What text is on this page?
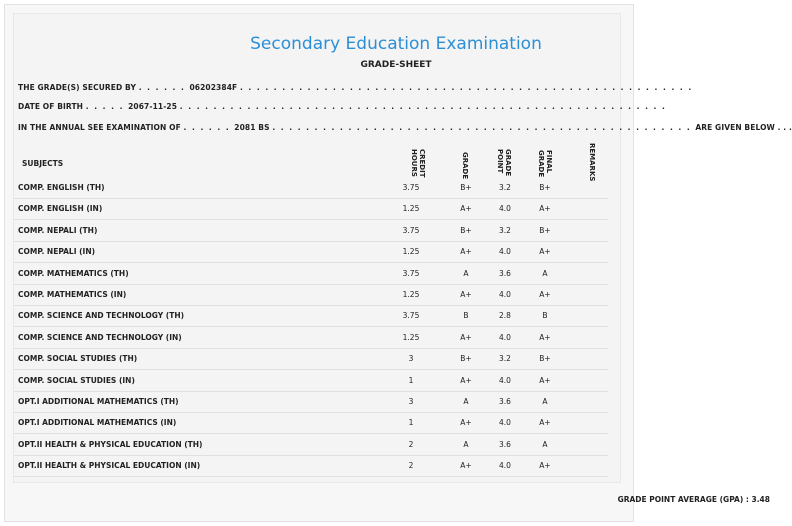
Secondary Education Examination
GRADE-SHEET
THE GRADE(S) SECURED BY . . . . . . 06202384F . . . . . . . . . . . . . . . . . . . . . . . . . . . . . . . . . . . . . . . . . . . . . . . . . . . . . .
DATE OF BIRTH . . . . . 2067-11-25 . . . . . . . . . . . . . . . . . . . . . . . . . . . . . . . . . . . . . . . . . . . . . . . . . . . . . . . . . .
IN THE ANNUAL SEE EXAMINATION OF . . . . . . 2081 BS . . . . . . . . . . . . . . . . . . . . . . . . . . . . . . . . . . . . . . . . . . . . . . . . . . ARE GIVEN BELOW . . .
SUBJECTS	CREDIT HOURS	GRADE	GRADE POINT	FINAL GRADE	REMARKS
COMP. ENGLISH (TH)	3.75	B+	3.2	B+
COMP. ENGLISH (IN)	1.25	A+	4.0	A+
COMP. NEPALI (TH)	3.75	B+	3.2	B+
COMP. NEPALI (IN)	1.25	A+	4.0	A+
COMP. MATHEMATICS (TH)	3.75	A	3.6	A
COMP. MATHEMATICS (IN)	1.25	A+	4.0	A+
COMP. SCIENCE AND TECHNOLOGY (TH)	3.75	B	2.8	B
COMP. SCIENCE AND TECHNOLOGY (IN)	1.25	A+	4.0	A+
COMP. SOCIAL STUDIES (TH)	3	B+	3.2	B+
COMP. SOCIAL STUDIES (IN)	1	A+	4.0	A+
OPT.I ADDITIONAL MATHEMATICS (TH)	3	A	3.6	A
OPT.I ADDITIONAL MATHEMATICS (IN)	1	A+	4.0	A+
OPT.II HEALTH & PHYSICAL EDUCATION (TH)	2	A	3.6	A
OPT.II HEALTH & PHYSICAL EDUCATION (IN)	2	A+	4.0	A+
GRADE POINT AVERAGE (GPA) : 3.48
